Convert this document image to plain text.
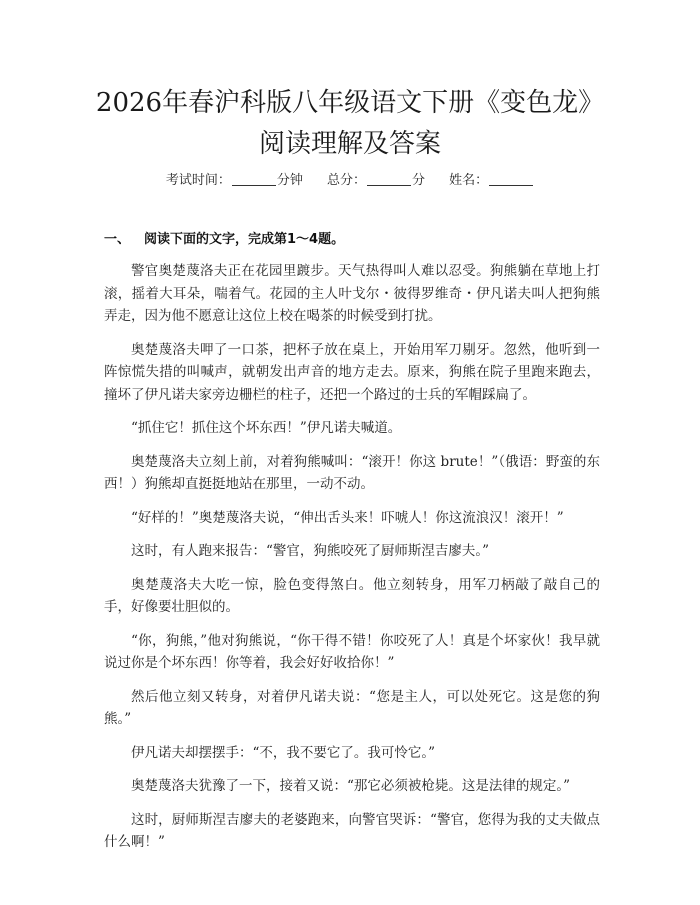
2026年春沪科版八年级语文下册《变色龙》
阅读理解及答案
考试时间：	分钟 总分：	分 姓名：
一、 阅读下面的文字，完成第1～4题。

警官奥楚蔑洛夫正在花园里踱步。天气热得叫人难以忍受。狗熊躺在草地上打滚，摇着大耳朵，喘着气。花园的主人叶戈尔・彼得罗维奇・伊凡诺夫叫人把狗熊弄走，因为他不愿意让这位上校在喝茶的时候受到打扰。

奥楚蔑洛夫呷了一口茶，把杯子放在桌上，开始用军刀剔牙。忽然，他听到一阵惊慌失措的叫喊声，就朝发出声音的地方走去。原来，狗熊在院子里跑来跑去，撞坏了伊凡诺夫家旁边栅栏的柱子，还把一个路过的士兵的军帽踩扁了。

“抓住它！抓住这个坏东西！”伊凡诺夫喊道。

奥楚蔑洛夫立刻上前，对着狗熊喊叫：“滚开！你这 brute！”（俄语：野蛮的东西！）狗熊却直挺挺地站在那里，一动不动。

“好样的！”奥楚蔑洛夫说，“伸出舌头来！吓唬人！你这流浪汉！滚开！”

这时，有人跑来报告：“警官，狗熊咬死了厨师斯涅吉廖夫。”

奥楚蔑洛夫大吃一惊，脸色变得煞白。他立刻转身，用军刀柄敲了敲自己的手，好像要壮胆似的。

“你，狗熊，”他对狗熊说，“你干得不错！你咬死了人！真是个坏家伙！我早就说过你是个坏东西！你等着，我会好好收拾你！”

然后他立刻又转身，对着伊凡诺夫说：“您是主人，可以处死它。这是您的狗熊。”

伊凡诺夫却摆摆手：“不，我不要它了。我可怜它。”

奥楚蔑洛夫犹豫了一下，接着又说：“那它必须被枪毙。这是法律的规定。”

这时，厨师斯涅吉廖夫的老婆跑来，向警官哭诉：“警官，您得为我的丈夫做点什么啊！”
